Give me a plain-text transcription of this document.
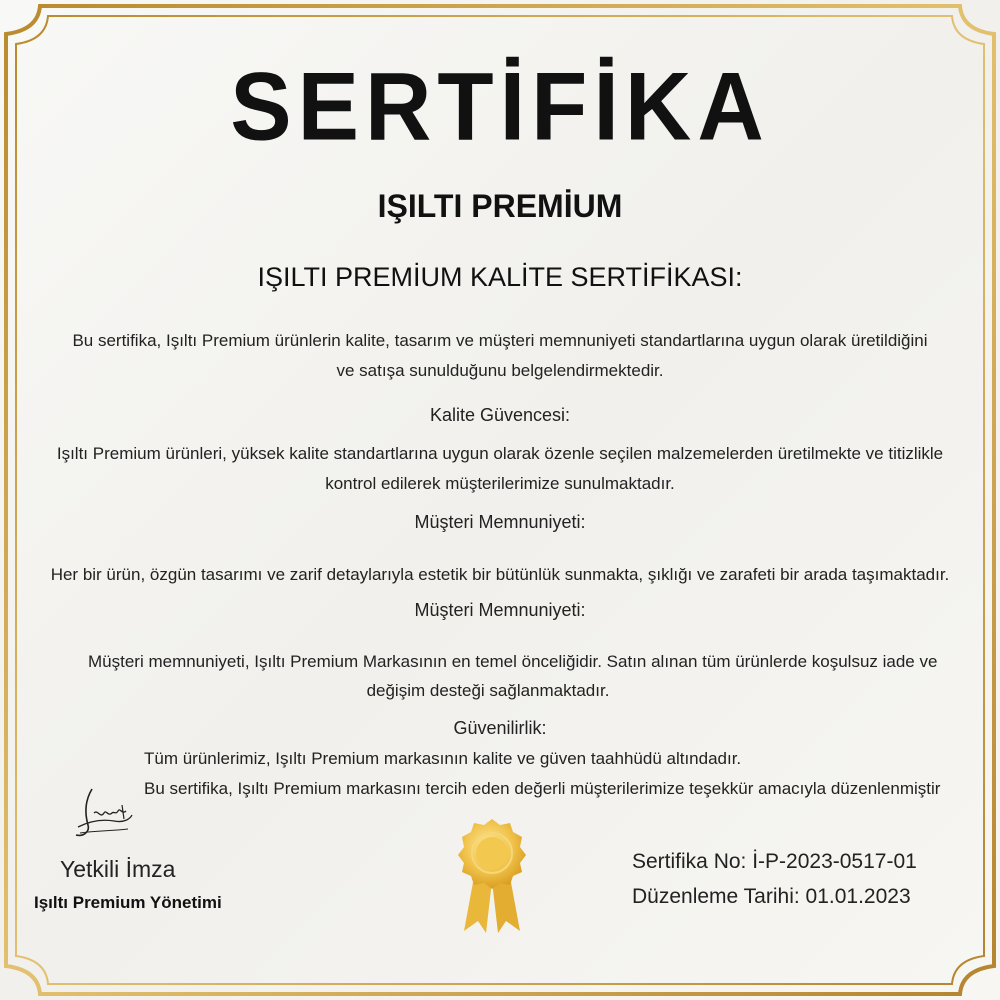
SERTİFİKA
IŞILTI PREMİUM
IŞILTI PREMİUM KALİTE SERTİFİKASI:
Bu sertifika, Işıltı Premium ürünlerin kalite, tasarım ve müşteri memnuniyeti standartlarına uygun olarak üretildiğini
ve satışa sunulduğunu belgelendirmektedir.
Kalite Güvencesi:
Işıltı Premium ürünleri, yüksek kalite standartlarına uygun olarak özenle seçilen malzemelerden üretilmekte ve titizlikle
kontrol edilerek müşterilerimize sunulmaktadır.
Müşteri Memnuniyeti:
Her bir ürün, özgün tasarımı ve zarif detaylarıyla estetik bir bütünlük sunmakta, şıklığı ve zarafeti bir arada taşımaktadır.
Müşteri Memnuniyeti:
Müşteri memnuniyeti, Işıltı Premium Markasının en temel önceliğidir. Satın alınan tüm ürünlerde koşulsuz iade ve
değişim desteği sağlanmaktadır.
Güvenilirlik:
Tüm ürünlerimiz, Işıltı Premium markasının kalite ve güven taahhüdü altındadır.
Bu sertifika, Işıltı Premium markasını tercih eden değerli müşterilerimize teşekkür amacıyla düzenlenmiştir
Yetkili İmza
Işıltı Premium Yönetimi
Sertifika No: İ-P-2023-0517-01
Düzenleme Tarihi: 01.01.2023
